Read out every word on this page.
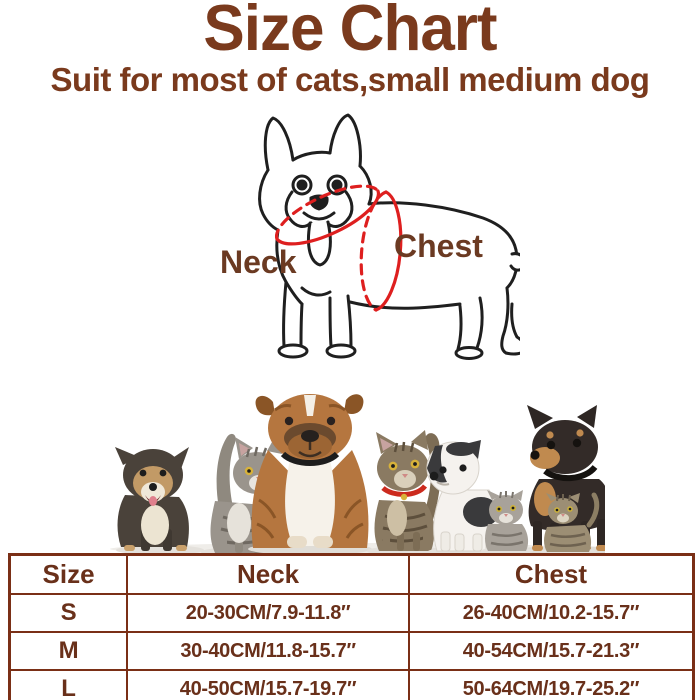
Size Chart
Suit for most of cats,small medium dog
Neck	Chest
Size	Neck	Chest
S	20-30CM/7.9-11.8″	26-40CM/10.2-15.7″
M	30-40CM/11.8-15.7″	40-54CM/15.7-21.3″
L	40-50CM/15.7-19.7″	50-64CM/19.7-25.2″
